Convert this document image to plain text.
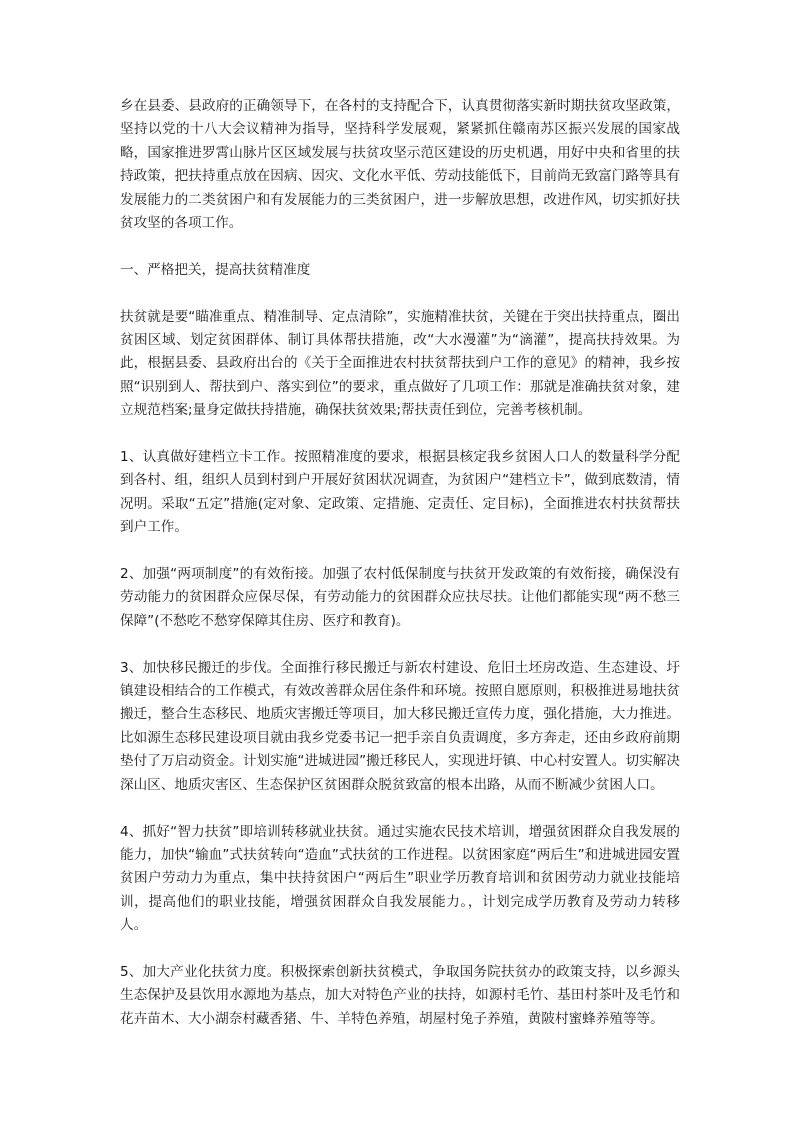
乡在县委、县政府的正确领导下，在各村的支持配合下，认真贯彻落实新时期扶贫攻坚政策，坚持以党的十八大会议精神为指导，坚持科学发展观，紧紧抓住赣南苏区振兴发展的国家战略，国家推进罗霄山脉片区区域发展与扶贫攻坚示范区建设的历史机遇，用好中央和省里的扶持政策，把扶持重点放在因病、因灾、文化水平低、劳动技能低下，目前尚无致富门路等具有发展能力的二类贫困户和有发展能力的三类贫困户，进一步解放思想，改进作风，切实抓好扶贫攻坚的各项工作。

一、严格把关，提高扶贫精准度

扶贫就是要“瞄准重点、精准制导、定点清除”，实施精准扶贫，关键在于突出扶持重点，圈出贫困区域、划定贫困群体、制订具体帮扶措施，改“大水漫灌”为“滴灌”，提高扶持效果。为此，根据县委、县政府出台的《关于全面推进农村扶贫帮扶到户工作的意见》的精神，我乡按照“识别到人、帮扶到户、落实到位”的要求，重点做好了几项工作：那就是准确扶贫对象，建立规范档案;量身定做扶持措施，确保扶贫效果;帮扶责任到位，完善考核机制。

1、认真做好建档立卡工作。按照精准度的要求，根据县核定我乡贫困人口人的数量科学分配到各村、组，组织人员到村到户开展好贫困状况调查，为贫困户“建档立卡”，做到底数清，情况明。采取“五定”措施(定对象、定政策、定措施、定责任、定目标)，全面推进农村扶贫帮扶到户工作。

2、加强“两项制度”的有效衔接。加强了农村低保制度与扶贫开发政策的有效衔接，确保没有劳动能力的贫困群众应保尽保，有劳动能力的贫困群众应扶尽扶。让他们都能实现“两不愁三保障”(不愁吃不愁穿保障其住房、医疗和教育)。

3、加快移民搬迁的步伐。全面推行移民搬迁与新农村建设、危旧土坯房改造、生态建设、圩镇建设相结合的工作模式，有效改善群众居住条件和环境。按照自愿原则，积极推进易地扶贫搬迁，整合生态移民、地质灾害搬迁等项目，加大移民搬迁宣传力度，强化措施，大力推进。比如源生态移民建设项目就由我乡党委书记一把手亲自负责调度，多方奔走，还由乡政府前期垫付了万启动资金。计划实施“进城进园”搬迁移民人，实现进圩镇、中心村安置人。切实解决深山区、地质灾害区、生态保护区贫困群众脱贫致富的根本出路，从而不断减少贫困人口。

4、抓好“智力扶贫”即培训转移就业扶贫。通过实施农民技术培训，增强贫困群众自我发展的能力，加快“输血”式扶贫转向“造血”式扶贫的工作进程。以贫困家庭“两后生”和进城进园安置贫困户劳动力为重点，集中扶持贫困户“两后生”职业学历教育培训和贫困劳动力就业技能培训，提高他们的职业技能，增强贫困群众自我发展能力。，计划完成学历教育及劳动力转移人。

5、加大产业化扶贫力度。积极探索创新扶贫模式，争取国务院扶贫办的政策支持，以乡源头生态保护及县饮用水源地为基点，加大对特色产业的扶持，如源村毛竹、基田村茶叶及毛竹和花卉苗木、大小湖奈村藏香猪、牛、羊特色养殖，胡屋村兔子养殖，黄陂村蜜蜂养殖等等。
